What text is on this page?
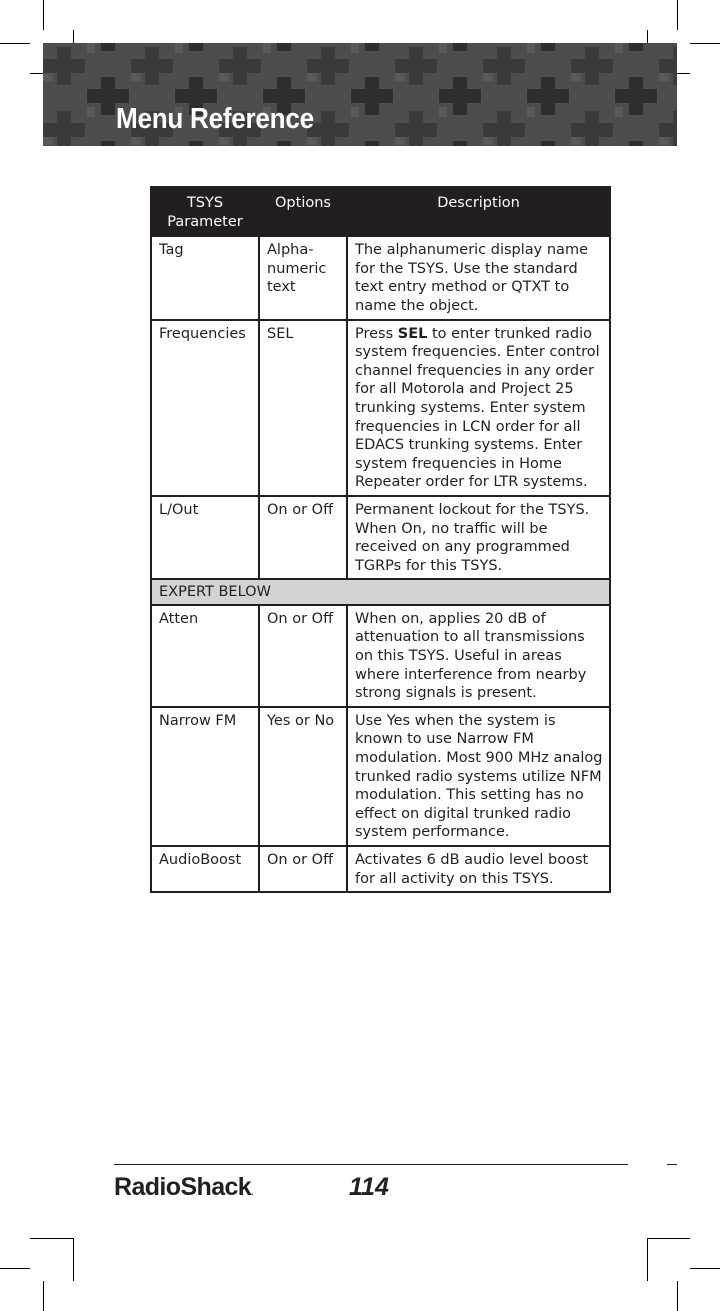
Menu Reference
TSYS Parameter	Options	Description
Tag	Alpha-numeric text	The alphanumeric display name for the TSYS. Use the standard text entry method or QTXT to name the object.
Frequencies	SEL	Press SEL to enter trunked radio system frequencies. Enter control channel frequencies in any order for all Motorola and Project 25 trunking systems. Enter system frequencies in LCN order for all EDACS trunking systems. Enter system frequencies in Home Repeater order for LTR systems.
L/Out	On or Off	Permanent lockout for the TSYS. When On, no traffic will be received on any programmed TGRPs for this TSYS.
EXPERT BELOW		
Atten	On or Off	When on, applies 20 dB of attenuation to all transmissions on this TSYS. Useful in areas where interference from nearby strong signals is present.
Narrow FM	Yes or No	Use Yes when the system is known to use Narrow FM modulation. Most 900 MHz analog trunked radio systems utilize NFM modulation. This setting has no effect on digital trunked radio system performance.
AudioBoost	On or Off	Activates 6 dB audio level boost for all activity on this TSYS.
RadioShack.	114
